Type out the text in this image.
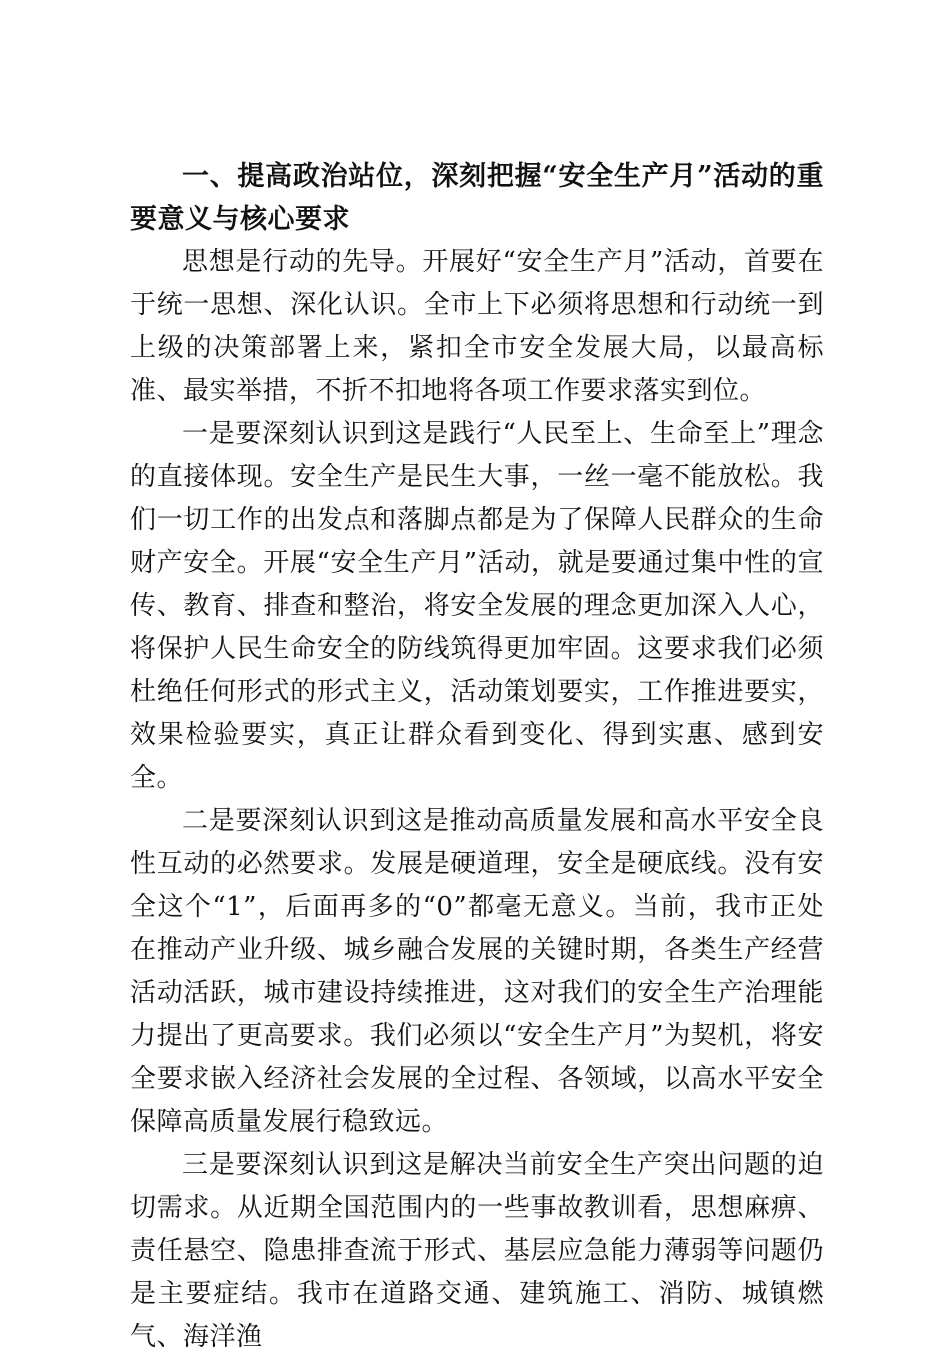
一、提高政治站位，深刻把握“安全生产月”活动的重要意义与核心要求

思想是行动的先导。开展好“安全生产月”活动，首要在于统一思想、深化认识。全市上下必须将思想和行动统一到上级的决策部署上来，紧扣全市安全发展大局，以最高标准、最实举措，不折不扣地将各项工作要求落实到位。

一是要深刻认识到这是践行“人民至上、生命至上”理念的直接体现。安全生产是民生大事，一丝一毫不能放松。我们一切工作的出发点和落脚点都是为了保障人民群众的生命财产安全。开展“安全生产月”活动，就是要通过集中性的宣传、教育、排查和整治，将安全发展的理念更加深入人心，将保护人民生命安全的防线筑得更加牢固。这要求我们必须杜绝任何形式的形式主义，活动策划要实，工作推进要实，效果检验要实，真正让群众看到变化、得到实惠、感到安全。

二是要深刻认识到这是推动高质量发展和高水平安全良性互动的必然要求。发展是硬道理，安全是硬底线。没有安全这个“1”，后面再多的“0”都毫无意义。当前，我市正处在推动产业升级、城乡融合发展的关键时期，各类生产经营活动活跃，城市建设持续推进，这对我们的安全生产治理能力提出了更高要求。我们必须以“安全生产月”为契机，将安全要求嵌入经济社会发展的全过程、各领域，以高水平安全保障高质量发展行稳致远。

三是要深刻认识到这是解决当前安全生产突出问题的迫切需求。从近期全国范围内的一些事故教训看，思想麻痹、责任悬空、隐患排查流于形式、基层应急能力薄弱等问题仍是主要症结。我市在道路交通、建筑施工、消防、城镇燃气、海洋渔
